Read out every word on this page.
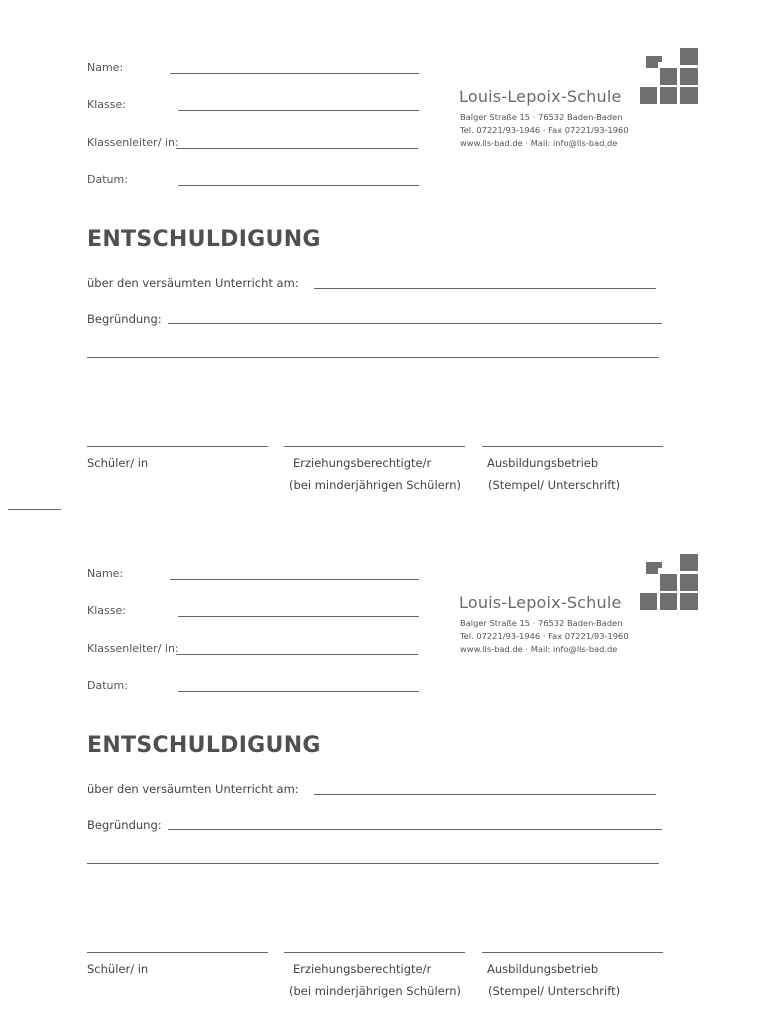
Name:
Klasse:
Klassenleiter/ in:
Datum:
Louis-Lepoix-Schule
Balger Straße 15 · 76532 Baden-Baden
Tel. 07221/93-1946 · Fax 07221/93-1960
www.lls-bad.de · Mail: info@lls-bad.de
ENTSCHULDIGUNG
über den versäumten Unterricht am:
Begründung:
Schüler/ in	Erziehungsberechtigte/r
(bei minderjährigen Schülern)
Ausbildungsbetrieb
(Stempel/ Unterschrift)
Name:
Klasse:
Klassenleiter/ in:
Datum:
Louis-Lepoix-Schule
Balger Straße 15 · 76532 Baden-Baden
Tel. 07221/93-1946 · Fax 07221/93-1960
www.lls-bad.de · Mail: info@lls-bad.de
ENTSCHULDIGUNG
über den versäumten Unterricht am:
Begründung:
Schüler/ in	Erziehungsberechtigte/r
(bei minderjährigen Schülern)
Ausbildungsbetrieb
(Stempel/ Unterschrift)
